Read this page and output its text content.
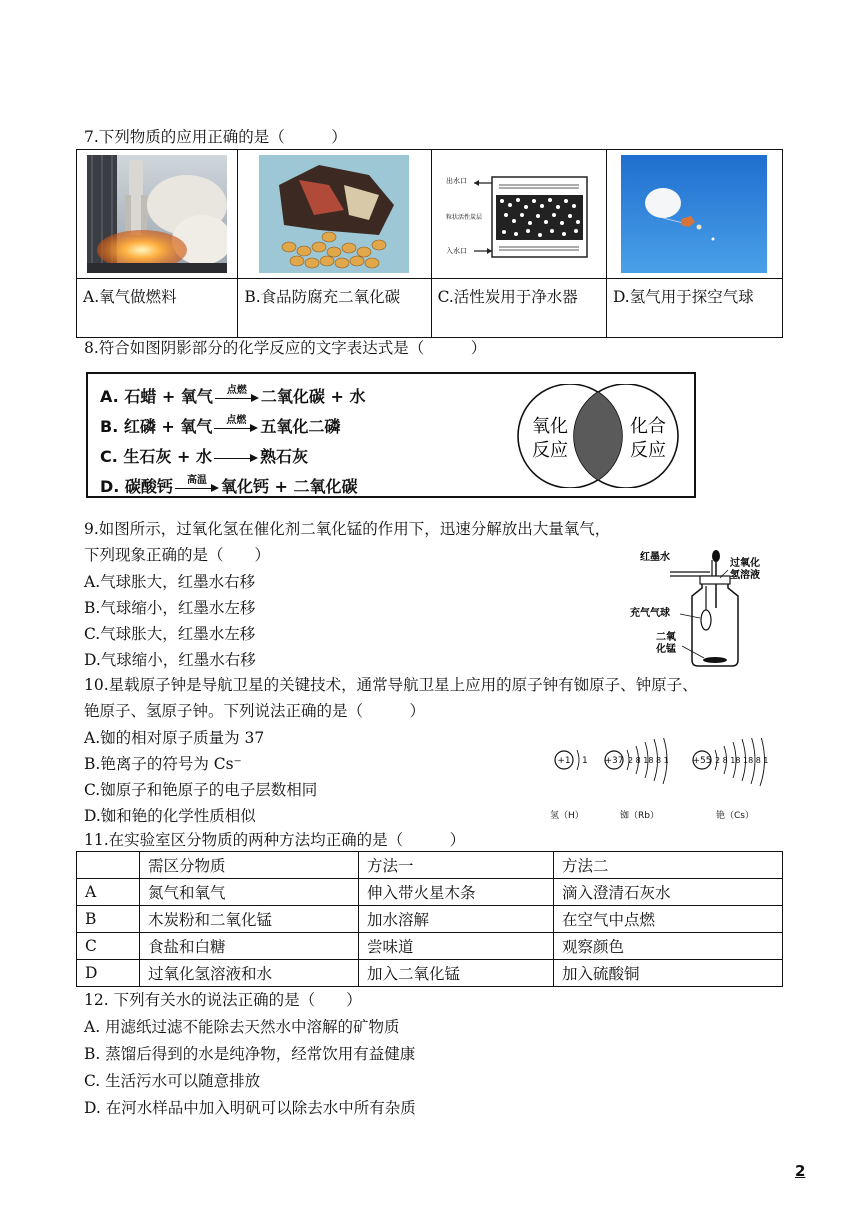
7.下列物质的应用正确的是（　　　）

出水口
粒状活性炭层
入水口

A.氧气做燃料	B.食品防腐充二氧化碳	C.活性炭用于净水器	D.氢气用于探空气球
8.符合如图阴影部分的化学反应的文字表达式是（　　　）
A. 石蜡 + 氧气	点燃 二氧化碳 + 水
B. 红磷 + 氧气	点燃 五氧化二磷
C. 生石灰 + 水	熟石灰
D. 碳酸钙	高温 氧化钙 + 二氧化碳
氧化
反应
化合
反应
9.如图所示，过氧化氢在催化剂二氧化锰的作用下，迅速分解放出大量氧气，
下列现象正确的是（　　）
A.气球胀大，红墨水右移
B.气球缩小，红墨水左移
C.气球胀大，红墨水左移
D.气球缩小，红墨水右移
红墨水
过氧化
氢溶液
充气气球
二氧
化锰
10.星载原子钟是导航卫星的关键技术，通常导航卫星上应用的原子钟有铷原子、钟原子、
铯原子、氢原子钟。下列说法正确的是（　　　）
A.铷的相对原子质量为 37
B.铯离子的符号为 Cs⁻
C.铷原子和铯原子的电子层数相同
D.铷和铯的化学性质相似
+1 1
氢（H）
+37 2 8 18 8 1
铷（Rb）
+55 2 8 18 18 8 1
铯（Cs）
11.在实验室区分物质的两种方法均正确的是（　　　）
	需区分物质	方法一	方法二
A	氮气和氧气	伸入带火星木条	滴入澄清石灰水
B	木炭粉和二氧化锰	加水溶解	在空气中点燃
C	食盐和白糖	尝味道	观察颜色
D	过氧化氢溶液和水	加入二氧化锰	加入硫酸铜
12. 下列有关水的说法正确的是（　　）
A. 用滤纸过滤不能除去天然水中溶解的矿物质
B. 蒸馏后得到的水是纯净物，经常饮用有益健康
C. 生活污水可以随意排放
D. 在河水样品中加入明矾可以除去水中所有杂质
2
